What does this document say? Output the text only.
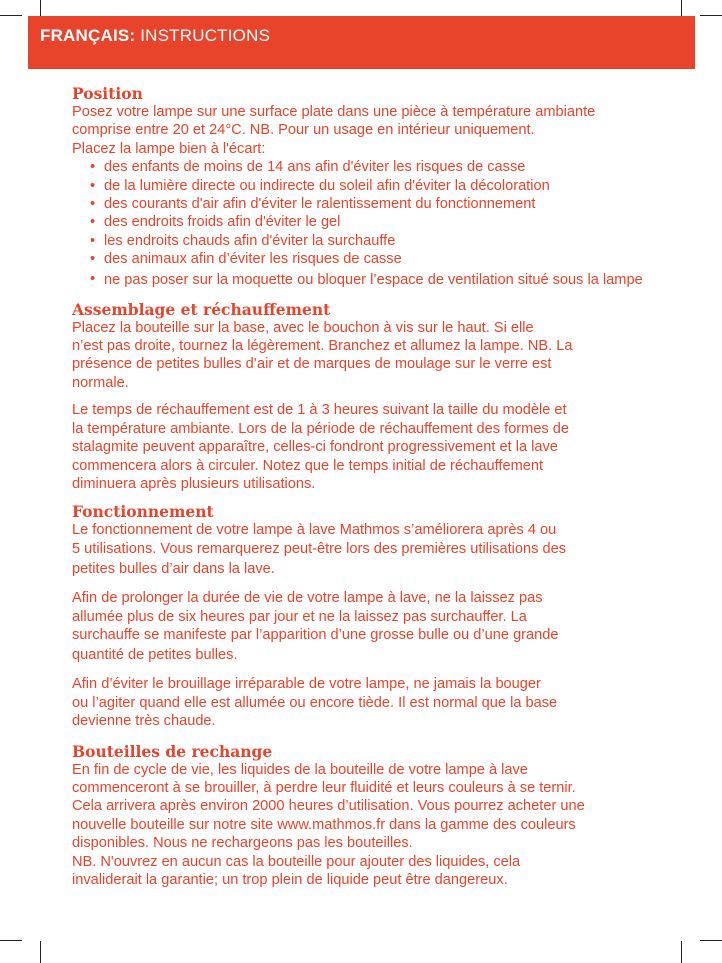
FRANÇAIS: INSTRUCTIONS

Position

Posez votre lampe sur une surface plate dans une pièce à température ambiante
comprise entre 20 et 24°C. NB. Pour un usage en intérieur uniquement.
Placez la lampe bien à l'écart:

• des enfants de moins de 14 ans afin d'éviter les risques de casse
• de la lumière directe ou indirecte du soleil afin d'éviter la décoloration
• des courants d'air afin d'éviter le ralentissement du fonctionnement
• des endroits froids afin d'éviter le gel
• les endroits chauds afin d'éviter la surchauffe
• des animaux afin d’éviter les risques de casse
• ne pas poser sur la moquette ou bloquer l’espace de ventilation situé sous la lampe

Assemblage et réchauffement

Placez la bouteille sur la base, avec le bouchon à vis sur le haut. Si elle
n’est pas droite, tournez la légèrement. Branchez et allumez la lampe. NB. La
présence de petites bulles d’air et de marques de moulage sur le verre est
normale.

Le temps de réchauffement est de 1 à 3 heures suivant la taille du modèle et
la température ambiante. Lors de la période de réchauffement des formes de
stalagmite peuvent apparaître, celles-ci fondront progressivement et la lave
commencera alors à circuler. Notez que le temps initial de réchauffement
diminuera après plusieurs utilisations.

Fonctionnement

Le fonctionnement de votre lampe à lave Mathmos s’améliorera après 4 ou
5 utilisations. Vous remarquerez peut-être lors des premières utilisations des
petites bulles d’air dans la lave.

Afin de prolonger la durée de vie de votre lampe à lave, ne la laissez pas
allumée plus de six heures par jour et ne la laissez pas surchauffer. La
surchauffe se manifeste par l’apparition d’une grosse bulle ou d’une grande
quantité de petites bulles.

Afin d’éviter le brouillage irréparable de votre lampe, ne jamais la bouger
ou l’agiter quand elle est allumée ou encore tiède. Il est normal que la base
devienne très chaude.

Bouteilles de rechange

En fin de cycle de vie, les liquides de la bouteille de votre lampe à lave
commenceront à se brouiller, à perdre leur fluidité et leurs couleurs à se ternir.
Cela arrivera après environ 2000 heures d’utilisation. Vous pourrez acheter une
nouvelle bouteille sur notre site www.mathmos.fr dans la gamme des couleurs
disponibles. Nous ne rechargeons pas les bouteilles.
NB. N'ouvrez en aucun cas la bouteille pour ajouter des liquides, cela
invaliderait la garantie; un trop plein de liquide peut être dangereux.
